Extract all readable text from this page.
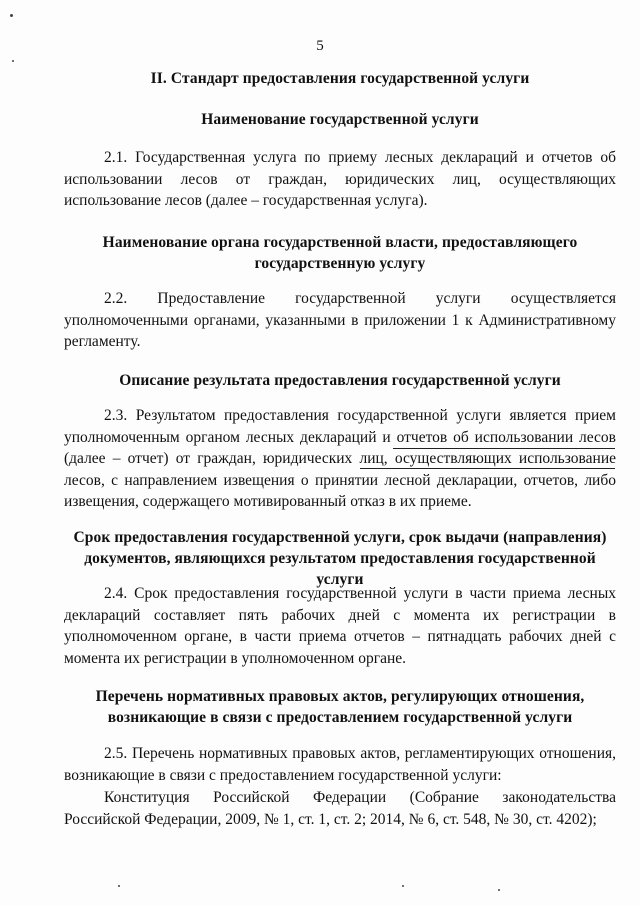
5
II. Стандарт предоставления государственной услуги
Наименование государственной услуги
2.1. Государственная услуга по приему лесных деклараций и отчетов об использовании лесов от граждан, юридических лиц, осуществляющих использование лесов (далее – государственная услуга).
Наименование органа государственной власти, предоставляющего
государственную услугу
2.2. Предоставление государственной услуги осуществляется уполномоченными органами, указанными в приложении 1 к Административному регламенту.
Описание результата предоставления государственной услуги
2.3. Результатом предоставления государственной услуги является прием уполномоченным органом лесных деклараций и отчетов об использовании лесов (далее – отчет) от граждан, юридических лиц, осуществляющих использование лесов, с направлением извещения о принятии лесной декларации, отчетов, либо извещения, содержащего мотивированный отказ в их приеме.
Срок предоставления государственной услуги, срок выдачи (направления)
документов, являющихся результатом предоставления государственной услуги
2.4. Срок предоставления государственной услуги в части приема лесных деклараций составляет пять рабочих дней с момента их регистрации в уполномоченном органе, в части приема отчетов – пятнадцать рабочих дней с момента их регистрации в уполномоченном органе.
Перечень нормативных правовых актов, регулирующих отношения,
возникающие в связи с предоставлением государственной услуги
2.5. Перечень нормативных правовых актов, регламентирующих отношения, возникающие в связи с предоставлением государственной услуги:
Конституция Российской Федерации (Собрание законодательства Российской Федерации, 2009, № 1, ст. 1, ст. 2; 2014, № 6, ст. 548, № 30, ст. 4202);
